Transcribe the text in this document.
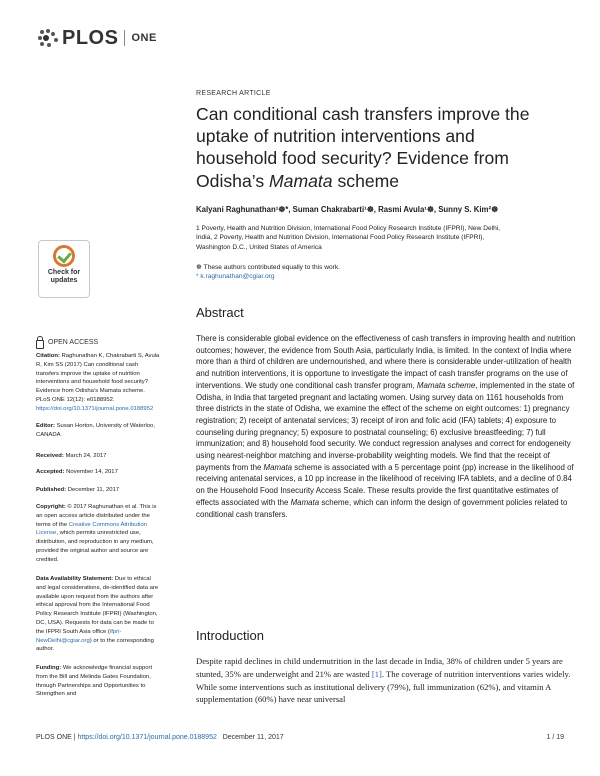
PLOS ONE
RESEARCH ARTICLE
Can conditional cash transfers improve the
uptake of nutrition interventions and
household food security? Evidence from
Odisha’s Mamata scheme
Kalyani Raghunathan¹☸*, Suman Chakrabarti¹☸, Rasmi Avula¹☸, Sunny S. Kim²☸
1 Poverty, Health and Nutrition Division, International Food Policy Research Institute (IFPRI), New Delhi,
India, 2 Poverty, Health and Nutrition Division, International Food Policy Research Institute (IFPRI),
Washington D.C., United States of America
☸ These authors contributed equally to this work.
* k.raghunathan@cgiar.org
Check for
updates
OPEN ACCESS
Citation: Raghunathan K, Chakrabarti S, Avula R, Kim SS (2017) Can conditional cash transfers improve the uptake of nutrition interventions and household food security? Evidence from Odisha’s Mamata scheme. PLoS ONE 12(12): e0188952.
https://doi.org/10.1371/journal.pone.0188952
Editor: Susan Horton, University of Waterloo, CANADA
Received: March 24, 2017
Accepted: November 14, 2017
Published: December 11, 2017
Copyright: © 2017 Raghunathan et al. This is an open access article distributed under the terms of the Creative Commons Attribution License, which permits unrestricted use, distribution, and reproduction in any medium, provided the original author and source are credited.
Data Availability Statement: Due to ethical and legal considerations, de-identified data are available upon request from the authors after ethical approval from the International Food Policy Research Institute (IFPRI) (Washington, DC, USA). Requests for data can be made to the IFPRI South Asia office (ifpri-NewDelhi@cgiar.org) or to the corresponding author.
Funding: We acknowledge financial support from the Bill and Melinda Gates Foundation, through Partnerships and Opportunities to Strengthen and
Abstract

There is considerable global evidence on the effectiveness of cash transfers in improving health and nutrition outcomes; however, the evidence from South Asia, particularly India, is limited. In the context of India where more than a third of children are undernourished, and where there is considerable under-utilization of health and nutrition interventions, it is opportune to investigate the impact of cash transfer programs on the use of interventions. We study one conditional cash transfer program, Mamata scheme, implemented in the state of Odisha, in India that targeted pregnant and lactating women. Using survey data on 1161 households from three districts in the state of Odisha, we examine the effect of the scheme on eight outcomes: 1) pregnancy registration; 2) receipt of antenatal services; 3) receipt of iron and folic acid (IFA) tablets; 4) exposure to counseling during pregnancy; 5) exposure to postnatal counseling; 6) exclusive breastfeeding; 7) full immunization; and 8) household food security. We conduct regression analyses and correct for endogeneity using nearest-neighbor matching and inverse-probability weighting models. We find that the receipt of payments from the Mamata scheme is associated with a 5 percentage point (pp) increase in the likelihood of receiving antenatal services, a 10 pp increase in the likelihood of receiving IFA tablets, and a decline of 0.84 on the Household Food Insecurity Access Scale. These results provide the first quantitative estimates of effects associated with the Mamata scheme, which can inform the design of government policies related to conditional cash transfers.

Introduction

Despite rapid declines in child undernutrition in the last decade in India, 38% of children under 5 years are stunted, 35% are underweight and 21% are wasted [1]. The coverage of nutrition interventions varies widely. While some interventions such as institutional delivery (79%), full immunization (62%), and vitamin A supplementation (60%) have near universal

PLOS ONE | https://doi.org/10.1371/journal.pone.0188952 December 11, 2017	1 / 19
